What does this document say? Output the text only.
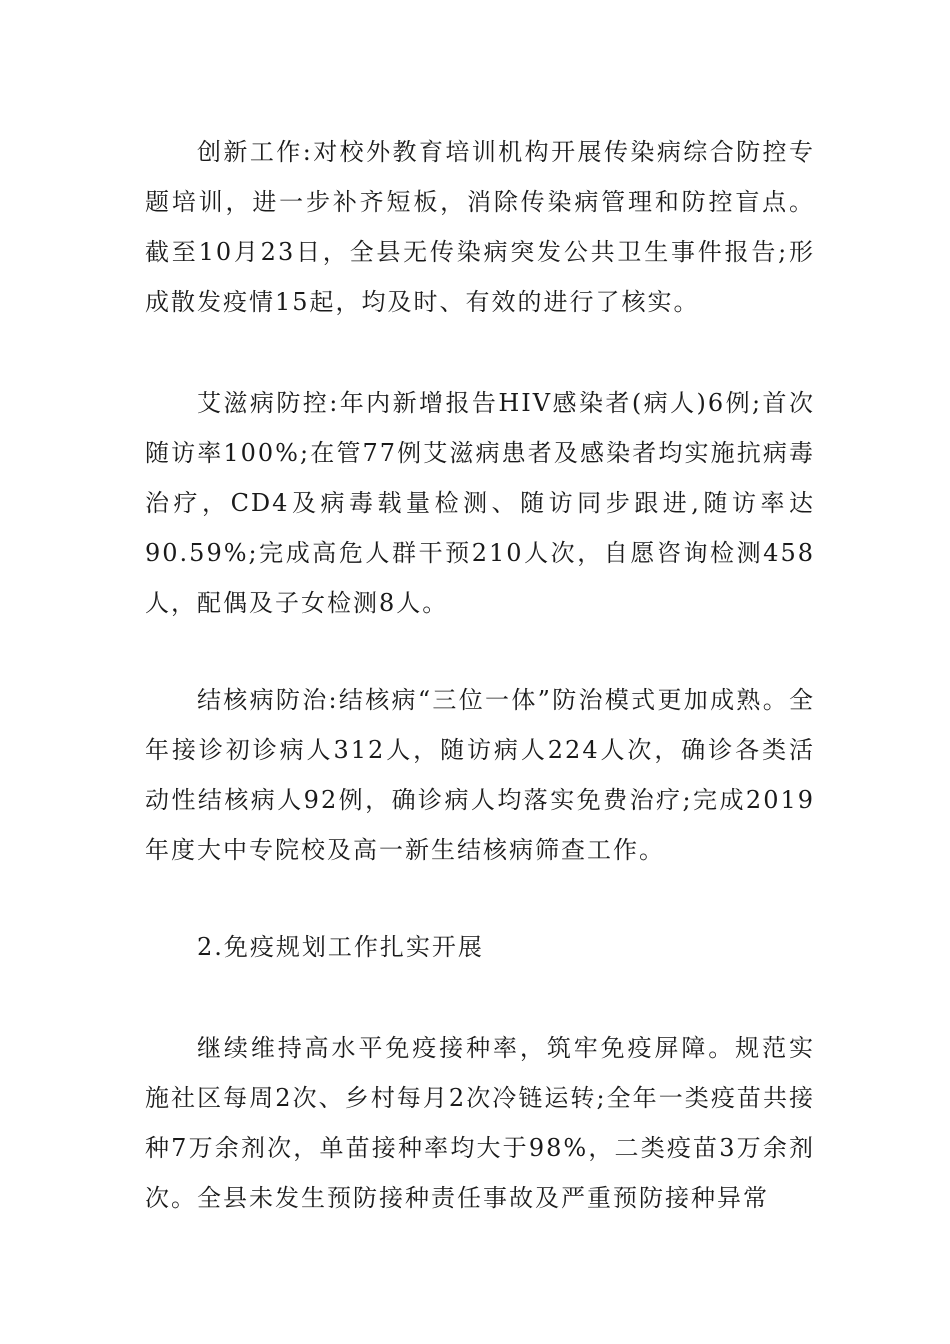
创新工作:对校外教育培训机构开展传染病综合防控专题培训，进一步补齐短板，消除传染病管理和防控盲点。截至10月23日，全县无传染病突发公共卫生事件报告;形成散发疫情15起，均及时、有效的进行了核实。

艾滋病防控:年内新增报告HIV感染者(病人)6例;首次随访率100%;在管77例艾滋病患者及感染者均实施抗病毒治疗，CD4及病毒载量检测、随访同步跟进,随访率达90.59%;完成高危人群干预210人次，自愿咨询检测458人，配偶及子女检测8人。

结核病防治:结核病“三位一体”防治模式更加成熟。全年接诊初诊病人312人，随访病人224人次，确诊各类活动性结核病人92例，确诊病人均落实免费治疗;完成2019年度大中专院校及高一新生结核病筛查工作。

2.免疫规划工作扎实开展

继续维持高水平免疫接种率，筑牢免疫屏障。规范实施社区每周2次、乡村每月2次冷链运转;全年一类疫苗共接种7万余剂次，单苗接种率均大于98%，二类疫苗3万余剂次。全县未发生预防接种责任事故及严重预防接种异常
